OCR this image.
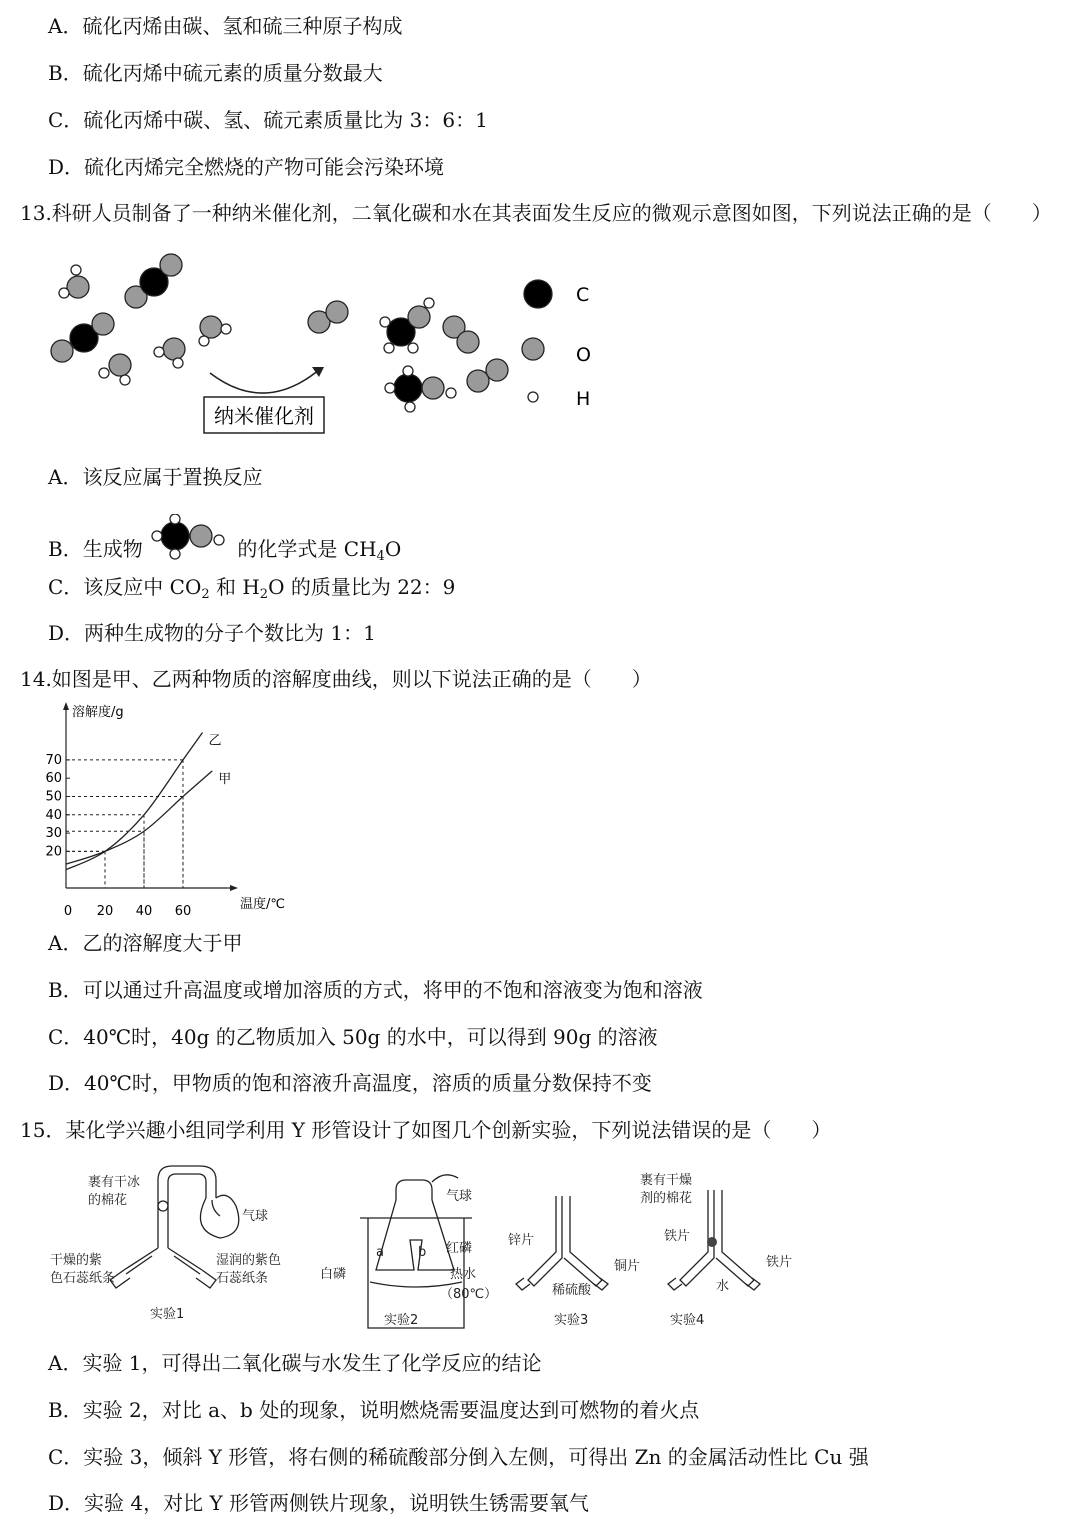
A．硫化丙烯由碳、氢和硫三种原子构成
B．硫化丙烯中硫元素的质量分数最大
C．硫化丙烯中碳、氢、硫元素质量比为 3：6：1
D．硫化丙烯完全燃烧的产物可能会污染环境
13.科研人员制备了一种纳米催化剂，二氧化碳和水在其表面发生反应的微观示意图如图，下列说法正确的是（　　）
C
O
H
纳米催化剂
A．该反应属于置换反应
B．生成物	的化学式是 $CH_4O$
C．该反应中 $CO_2$ 和 $H_2O$ 的质量比为 22：9
D．两种生成物的分子个数比为 1：1
14.如图是甲、乙两种物质的溶解度曲线，则以下说法正确的是（　　）
溶解度/g
温度/℃
0
20
30
40
50
60
70
20 40 60
乙
甲
A．乙的溶解度大于甲
B．可以通过升高温度或增加溶质的方式，将甲的不饱和溶液变为饱和溶液
C．40℃时，40g 的乙物质加入 50g 的水中，可以得到 90g 的溶液
D．40℃时，甲物质的饱和溶液升高温度，溶质的质量分数保持不变
15．某化学兴趣小组同学利用 Y 形管设计了如图几个创新实验，下列说法错误的是（　　）
裹有干冰
的棉花
气球
干燥的紫
色石蕊纸条
湿润的紫色
石蕊纸条
实验1
气球
a	b 红磷
白磷	热水
（80℃）
实验2
锌片
铜片
稀硫酸
实验3
裹有干燥
剂的棉花
铁片
铁片
水
实验4
A．实验 1，可得出二氧化碳与水发生了化学反应的结论
B．实验 2，对比 a、b 处的现象，说明燃烧需要温度达到可燃物的着火点
C．实验 3，倾斜 Y 形管，将右侧的稀硫酸部分倒入左侧，可得出 Zn 的金属活动性比 Cu 强
D．实验 4，对比 Y 形管两侧铁片现象，说明铁生锈需要氧气
